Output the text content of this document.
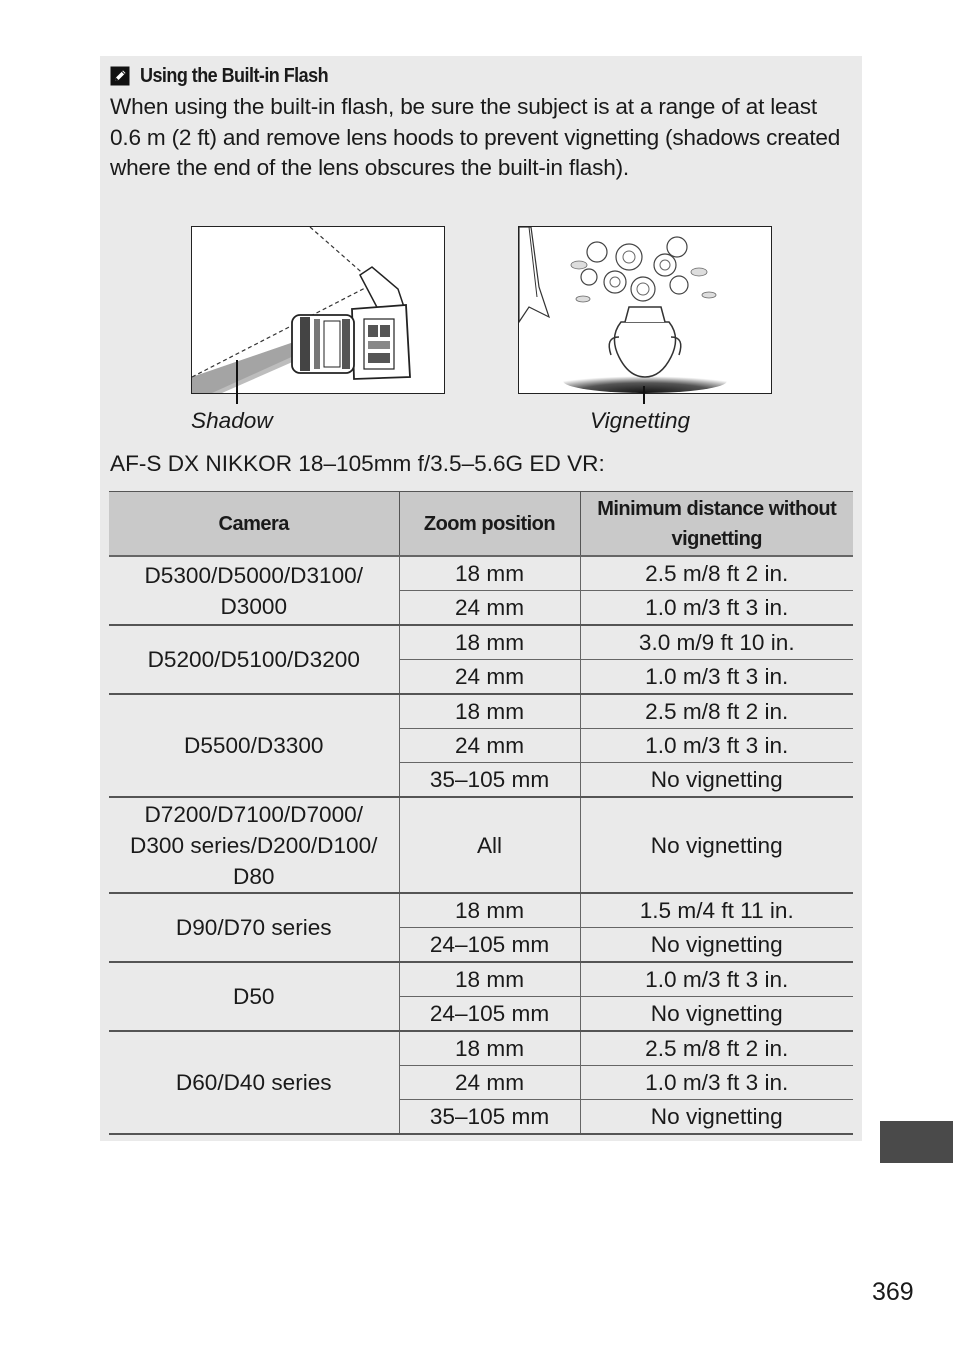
Using the Built-in Flash
When using the built-in flash, be sure the subject is at a range of at least 0.6 m (2 ft) and remove lens hoods to prevent vignetting (shadows created where the end of the lens obscures the built-in flash).
Shadow	Vignetting
AF-S DX NIKKOR 18–105mm f/3.5–5.6G ED VR:
Camera	Zoom position	Minimum distance without vignetting
D5300/D5000/D3100/ D3000	18 mm	2.5 m/8 ft 2 in.
	24 mm	1.0 m/3 ft 3 in.
D5200/D5100/D3200	18 mm	3.0 m/9 ft 10 in.
	24 mm	1.0 m/3 ft 3 in.
D5500/D3300	18 mm	2.5 m/8 ft 2 in.
	24 mm	1.0 m/3 ft 3 in.
	35–105 mm	No vignetting
D7200/D7100/D7000/ D300 series/D200/D100/ D80	All	No vignetting
D90/D70 series	18 mm	1.5 m/4 ft 11 in.
	24–105 mm	No vignetting
D50	18 mm	1.0 m/3 ft 3 in.
	24–105 mm	No vignetting
D60/D40 series	18 mm	2.5 m/8 ft 2 in.
	24 mm	1.0 m/3 ft 3 in.
	35–105 mm	No vignetting
369
